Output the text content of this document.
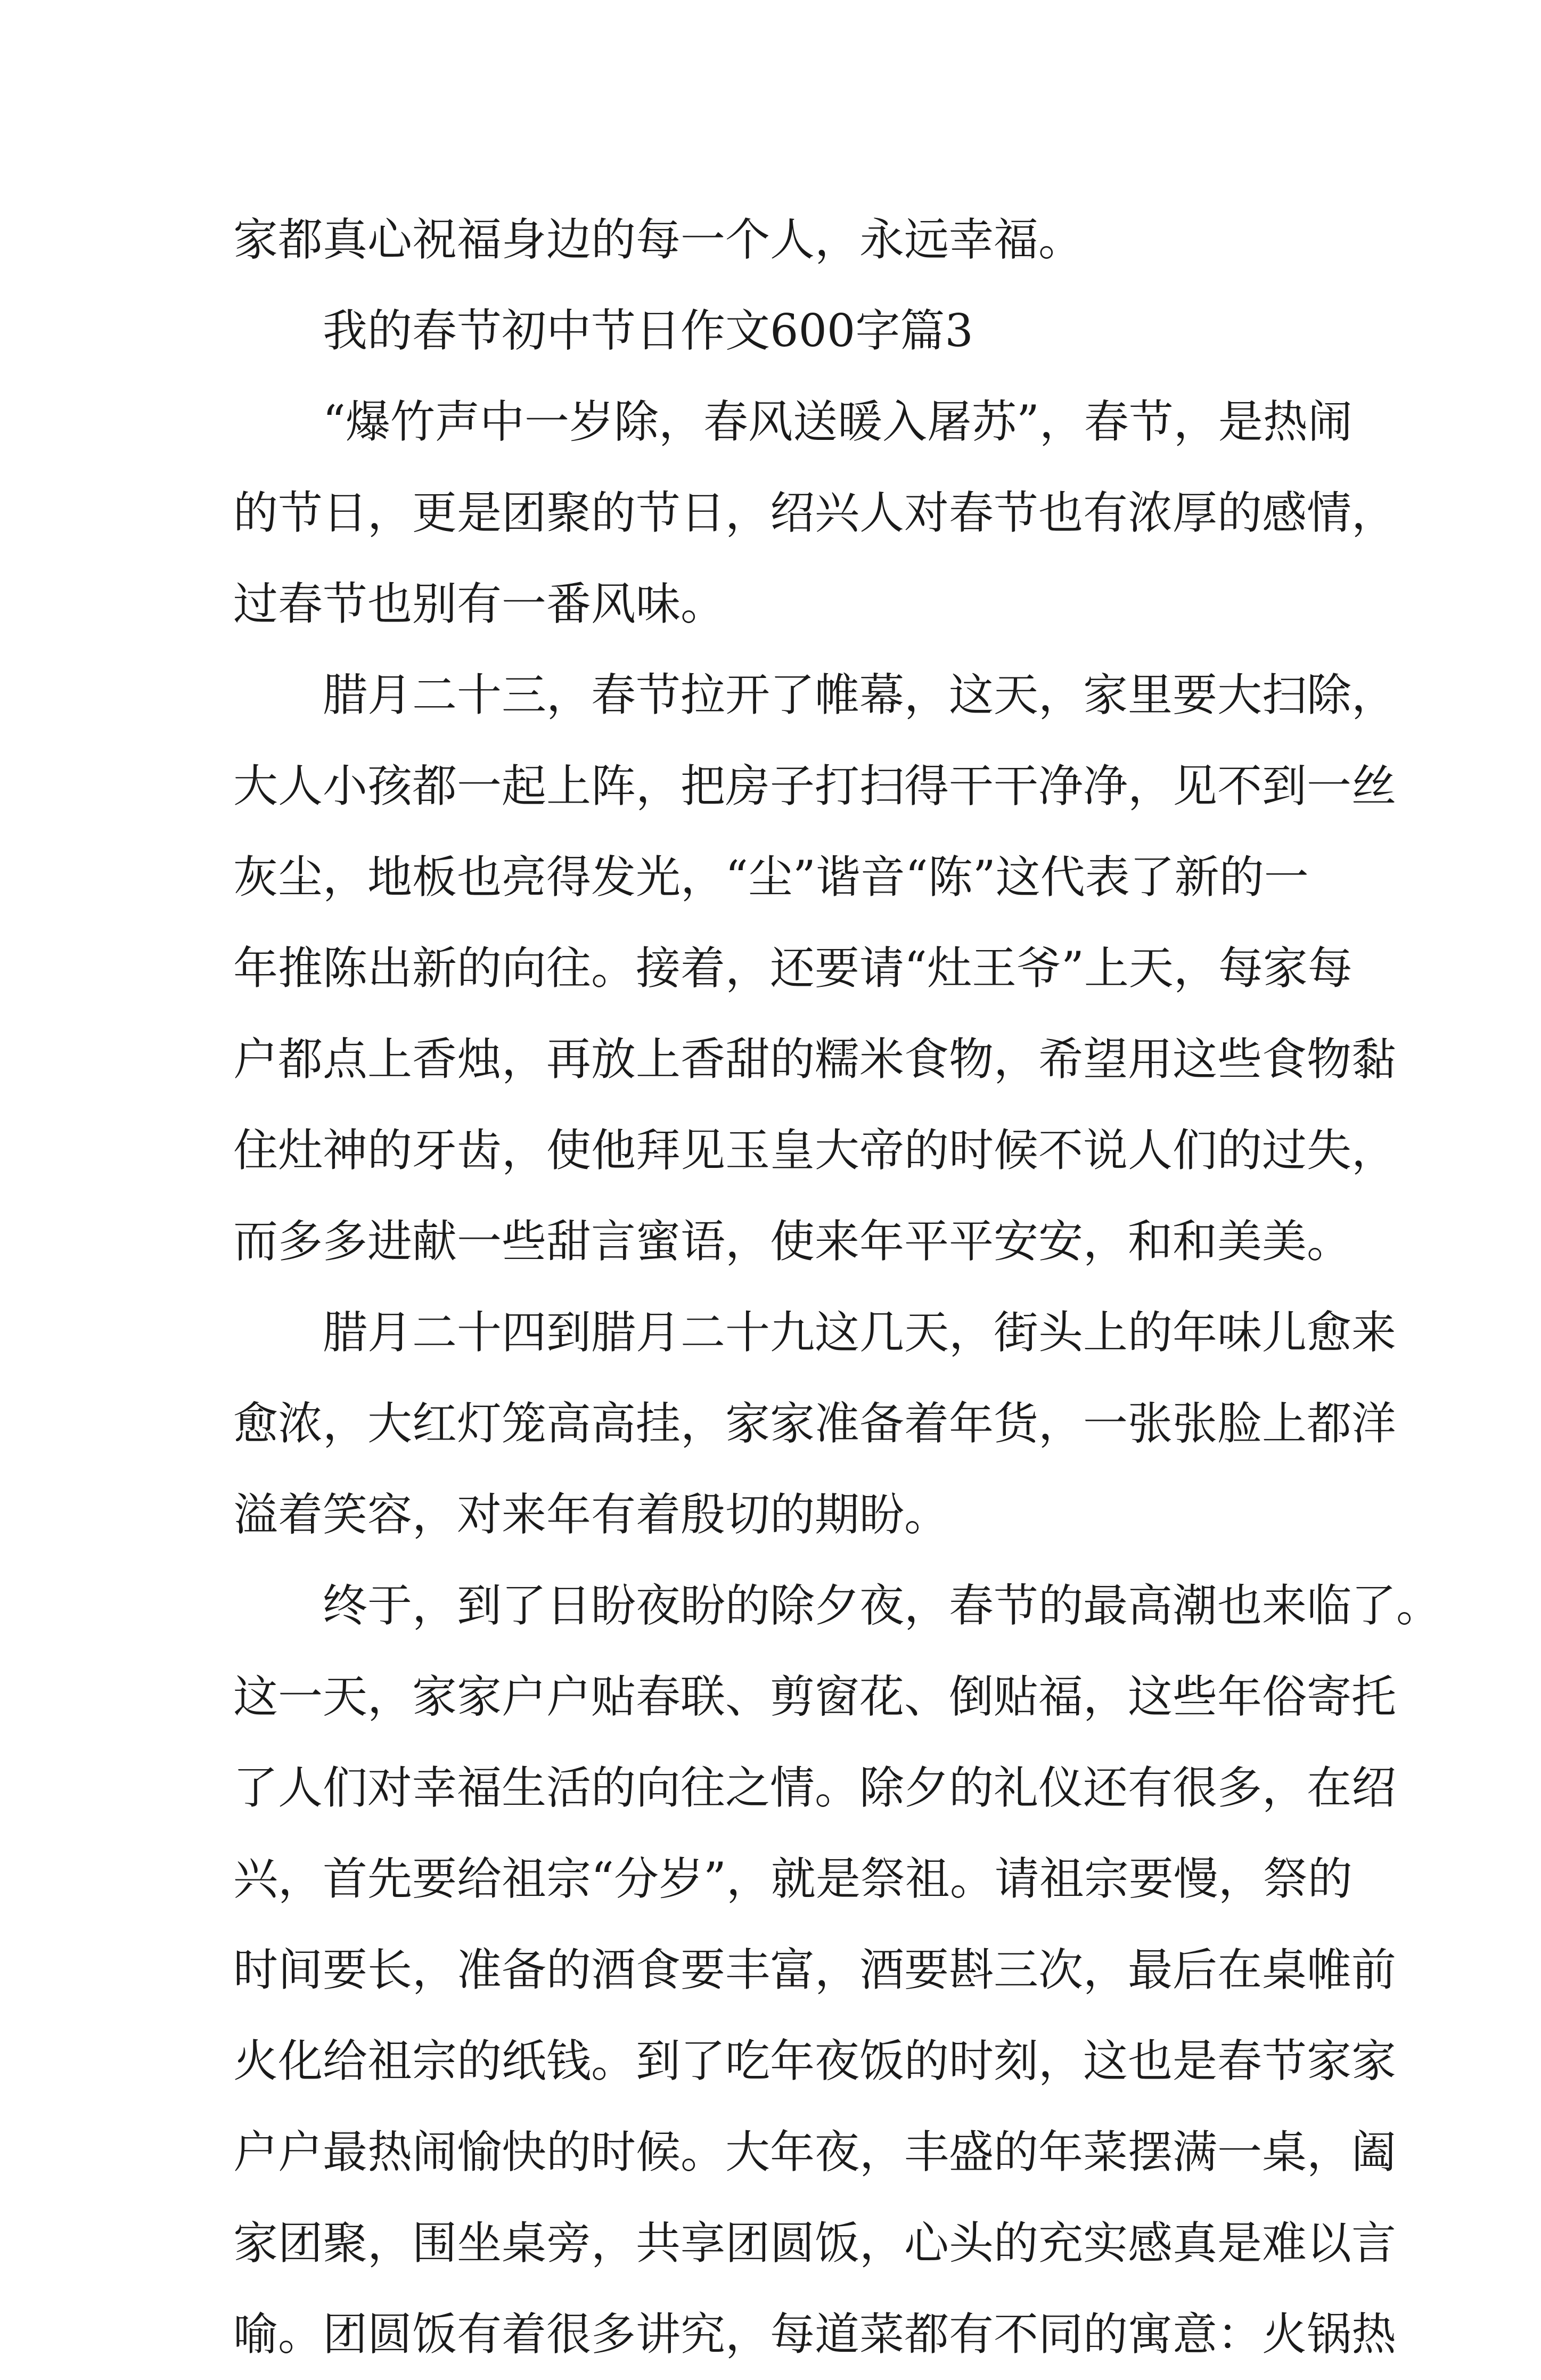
家都真心祝福身边的每一个人，永远幸福。
我的春节初中节日作文600字篇3
“爆竹声中一岁除，春风送暖入屠苏”，春节，是热闹
的节日，更是团聚的节日，绍兴人对春节也有浓厚的感情，
过春节也别有一番风味。
腊月二十三，春节拉开了帷幕，这天，家里要大扫除，
大人小孩都一起上阵，把房子打扫得干干净净，见不到一丝
灰尘，地板也亮得发光，“尘”谐音“陈”这代表了新的一
年推陈出新的向往。接着，还要请“灶王爷”上天，每家每
户都点上香烛，再放上香甜的糯米食物，希望用这些食物黏
住灶神的牙齿，使他拜见玉皇大帝的时候不说人们的过失，
而多多进献一些甜言蜜语，使来年平平安安，和和美美。
腊月二十四到腊月二十九这几天，街头上的年味儿愈来
愈浓，大红灯笼高高挂，家家准备着年货，一张张脸上都洋
溢着笑容，对来年有着殷切的期盼。
终于，到了日盼夜盼的除夕夜，春节的最高潮也来临了。
这一天，家家户户贴春联、剪窗花、倒贴福，这些年俗寄托
了人们对幸福生活的向往之情。除夕的礼仪还有很多，在绍
兴，首先要给祖宗“分岁”，就是祭祖。请祖宗要慢，祭的
时间要长，准备的酒食要丰富，酒要斟三次，最后在桌帷前
火化给祖宗的纸钱。到了吃年夜饭的时刻，这也是春节家家
户户最热闹愉快的时候。大年夜，丰盛的年菜摆满一桌，阖
家团聚，围坐桌旁，共享团圆饭，心头的充实感真是难以言
喻。团圆饭有着很多讲究，每道菜都有不同的寓意：火锅热
